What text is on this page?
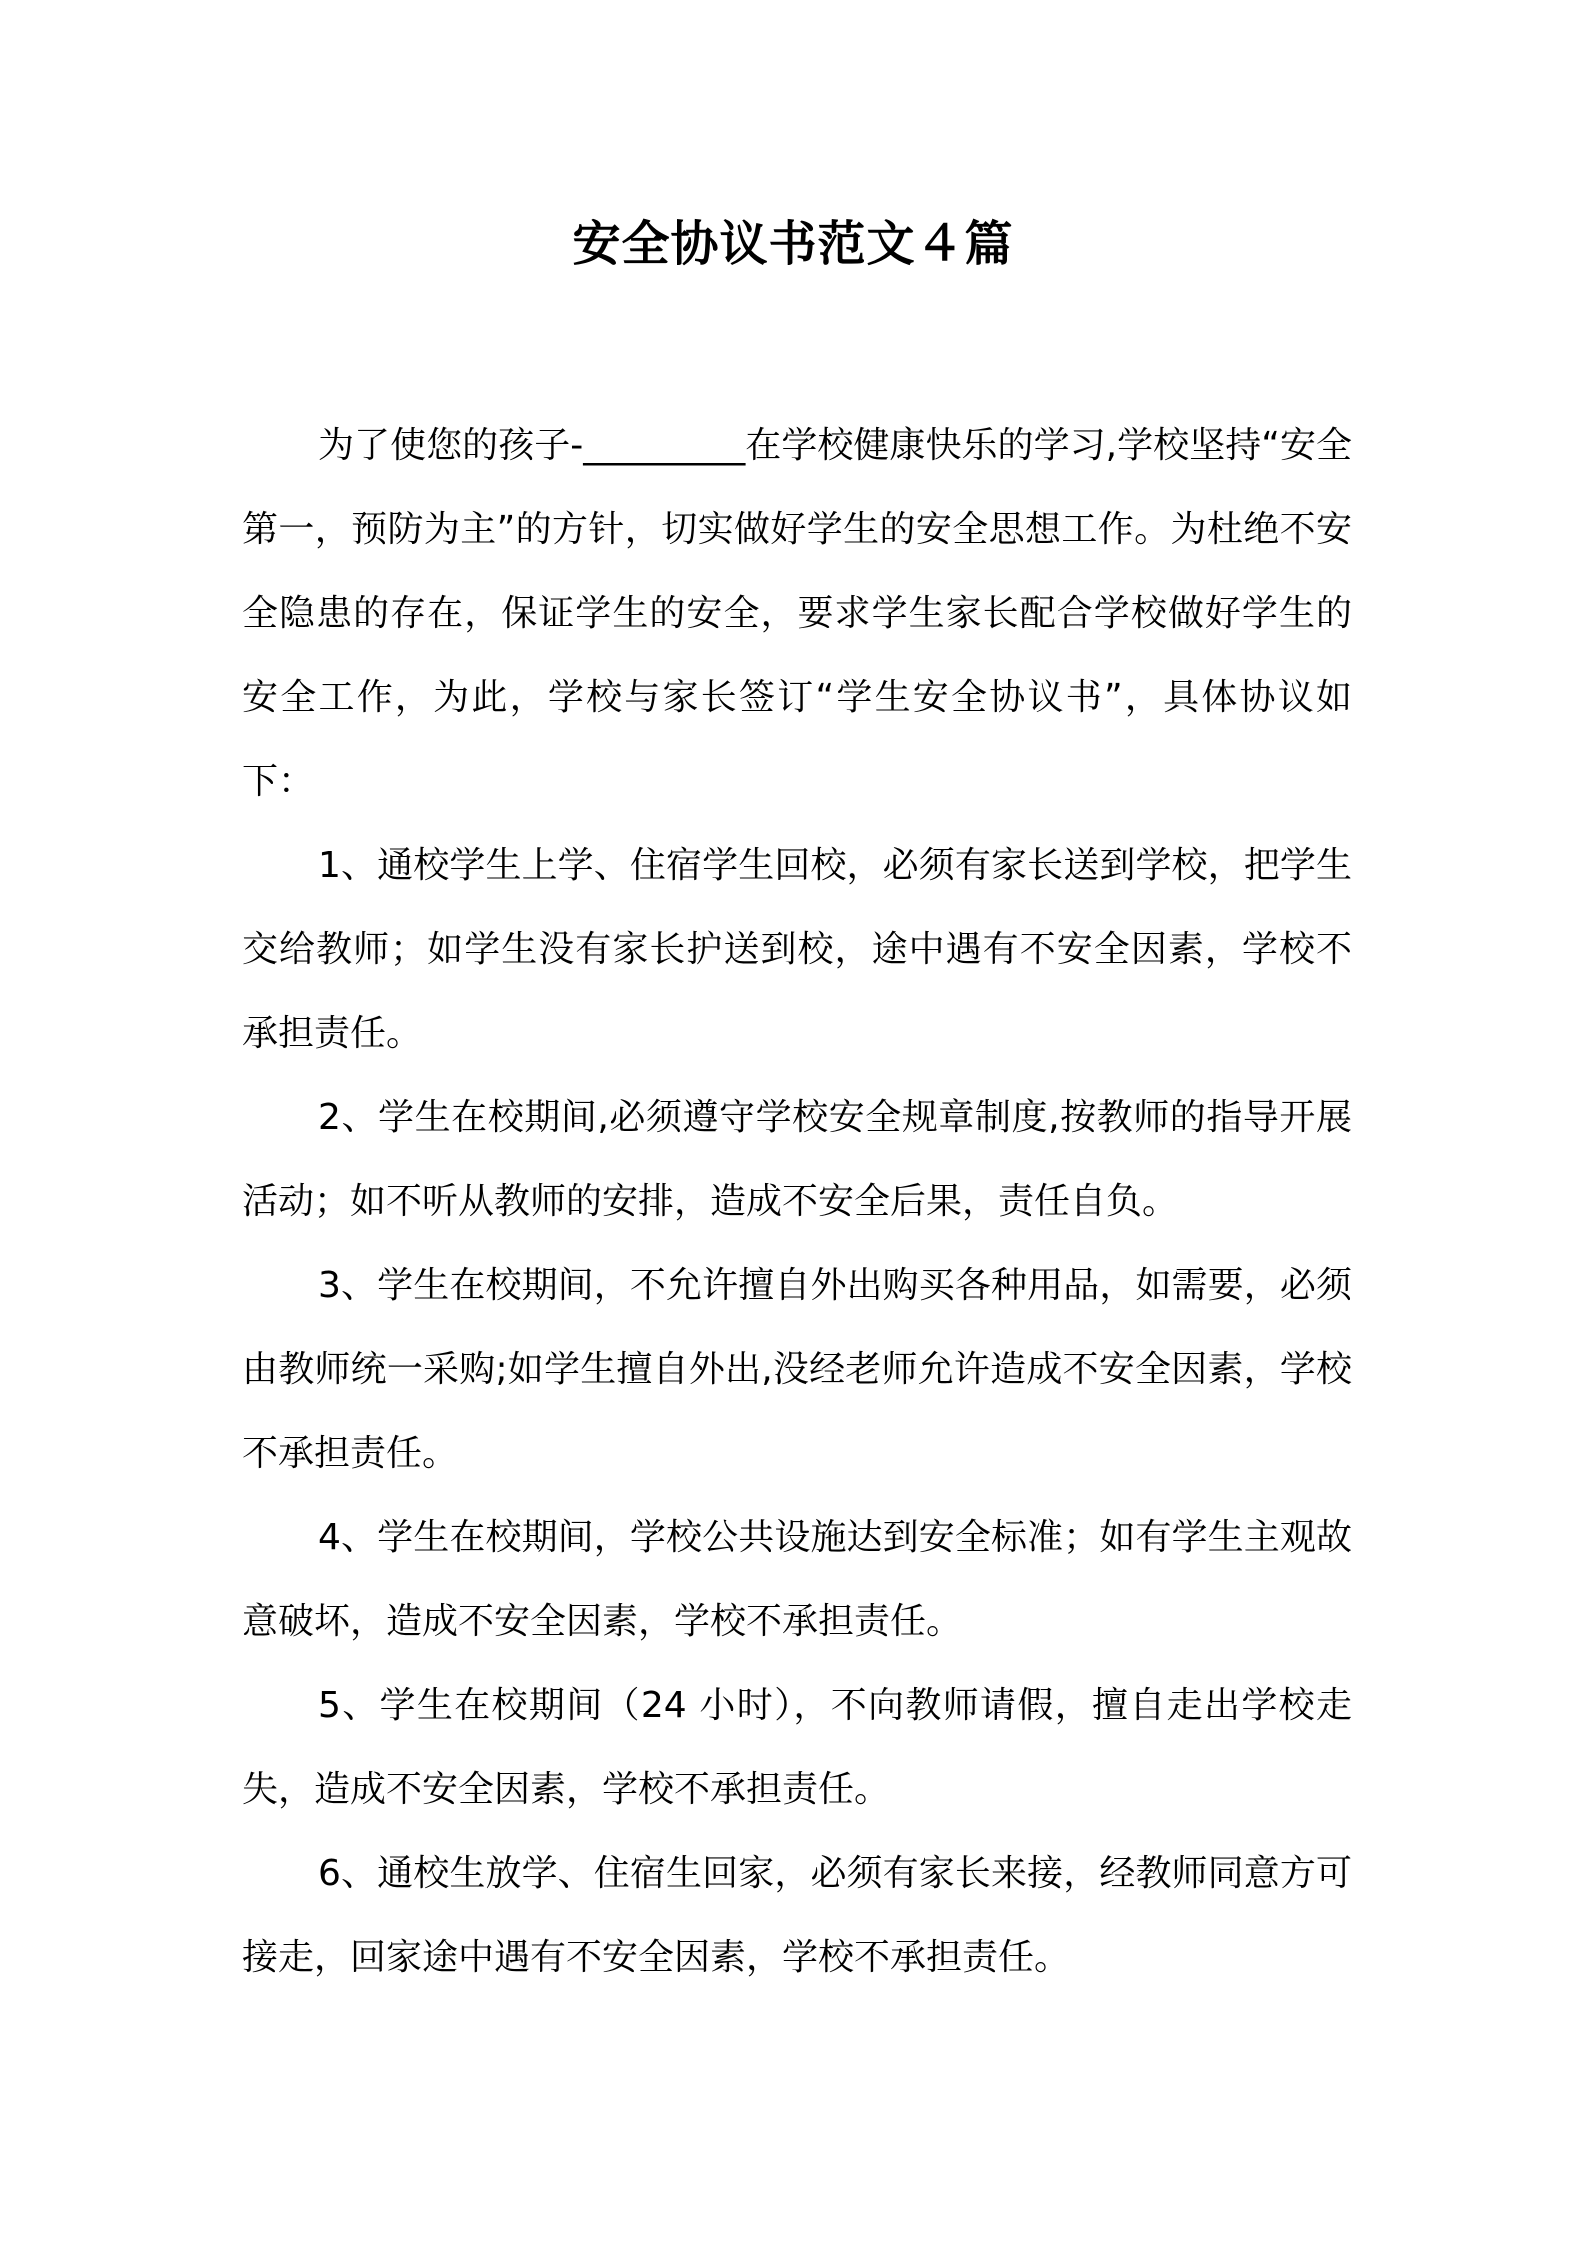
安全协议书范文４篇

为了使您的孩子-_________在学校健康快乐的学习,学校坚持“安全第一，预防为主”的方针，切实做好学生的安全思想工作。为杜绝不安全隐患的存在，保证学生的安全，要求学生家长配合学校做好学生的安全工作，为此，学校与家长签订“学生安全协议书”，具体协议如下：

1、通校学生上学、住宿学生回校，必须有家长送到学校，把学生交给教师；如学生没有家长护送到校，途中遇有不安全因素，学校不承担责任。

2、学生在校期间,必须遵守学校安全规章制度,按教师的指导开展活动；如不听从教师的安排，造成不安全后果，责任自负。

3、学生在校期间，不允许擅自外出购买各种用品，如需要，必须由教师统一采购;如学生擅自外出,没经老师允许造成不安全因素，学校不承担责任。

4、学生在校期间，学校公共设施达到安全标准；如有学生主观故意破坏，造成不安全因素，学校不承担责任。

5、学生在校期间（24 小时），不向教师请假，擅自走出学校走失，造成不安全因素，学校不承担责任。

6、通校生放学、住宿生回家，必须有家长来接，经教师同意方可接走，回家途中遇有不安全因素，学校不承担责任。
